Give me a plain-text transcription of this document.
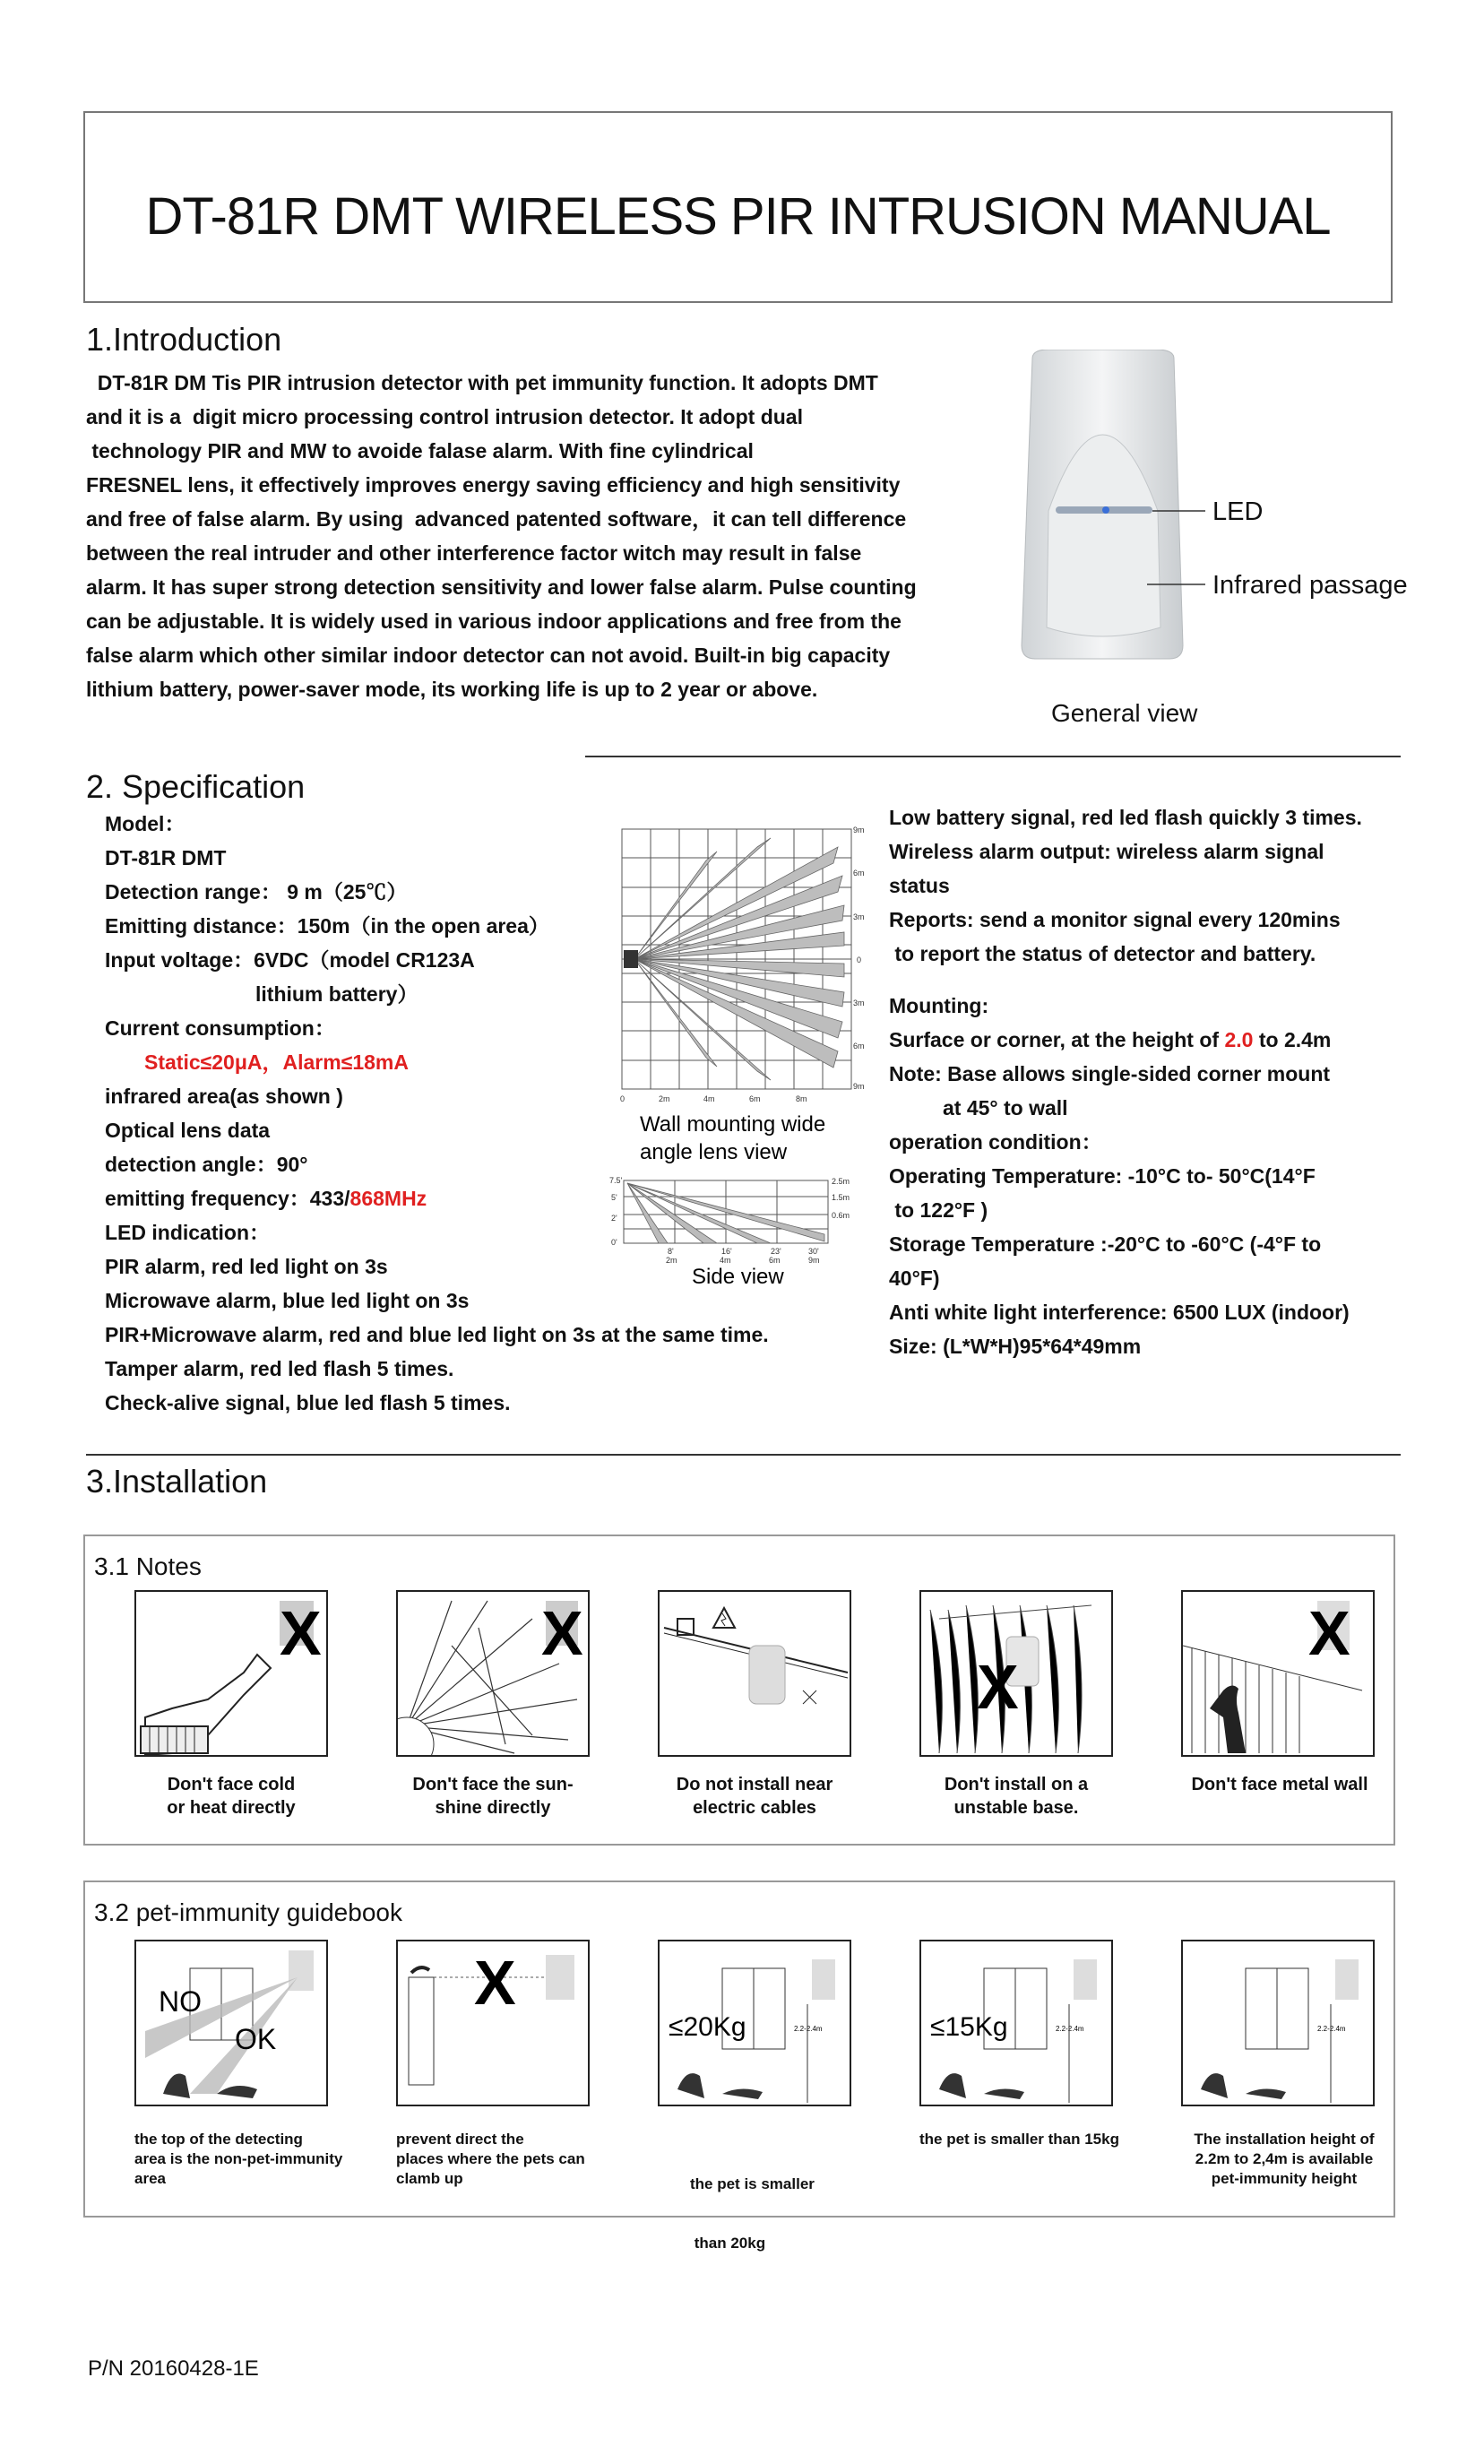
DT-81R DMT WIRELESS PIR INTRUSION MANUAL
1.Introduction

DT-81R DM Tis PIR intrusion detector with pet immunity function. It adopts DMT

and it is a  digit micro processing control intrusion detector. It adopt dual

technology PIR and MW to avoide falase alarm. With fine cylindrical

FRESNEL lens, it effectively improves energy saving efficiency and high sensitivity

and free of false alarm. By using  advanced patented software，it can tell difference

between the real intruder and other interference factor witch may result in false

alarm. It has super strong detection sensitivity and lower false alarm. Pulse counting

can be adjustable. It is widely used in various indoor applications and free from the

false alarm which other similar indoor detector can not avoid. Built-in big capacity

lithium battery, power-saver mode, its working life is up to 2 year or above.

LED
Infrared passage
General view
2. Specification
Model：
DT-81R DMT
Detection range： 9 m（25℃）
Emitting distance：150m（in the open area）
Input voltage：6VDC（model CR123A
lithium battery）
Current consumption：
Static≤20μA，Alarm≤18mA
infrared area(as shown )
Optical lens data
detection angle：90°
emitting frequency：433/868MHz
LED indication：
PIR alarm, red led light on 3s
Microwave alarm, blue led light on 3s
PIR+Microwave alarm, red and blue led light on 3s at the same time.
Tamper alarm, red led flash 5 times.
Check-alive signal, blue led flash 5 times.
9m
6m
3m
0
3m
6m
9m
0	2m	4m	6m	8m
Wall mounting wide
angle lens view
7.5'
5'
2'
0'
2.5m
1.5m
0.6m
8'	16'	23'	30'
2m	4m	6m	9m
Side view
Low battery signal, red led flash quickly 3 times.
Wireless alarm output: wireless alarm signal
status
Reports: send a monitor signal every 120mins
to report the status of detector and battery.
Mounting:
Surface or corner, at the height of 2.0 to 2.4m
Note: Base allows single-sided corner mount
at 45° to wall
operation condition：
Operating Temperature: -10°C to- 50°C(14°F
to 122°F )
Storage Temperature :-20°C to -60°C (-4°F to
40°F)
Anti white light interference: 6500 LUX (indoor)
Size: (L*W*H)95*64*49mm
3.Installation
3.1 Notes
X	X
X
X
Don't face cold
or heat directly
Don't face the sun-
shine directly
Do not install near
electric cables
Don't install on a
unstable base.
Don't face metal wall
3.2 pet-immunity guidebook
NO
OK
X
≤20Kg	2.2-2.4m	≤15Kg	2.2-2.4m	2.2-2.4m
the top of the detecting
area is the non-pet-immunity
area
prevent direct the
places where the pets can
clamb up

	the pet is smaller

than 20kg

the pet is smaller than 15kg	The installation height of
2.2m to 2,4m is available
pet-immunity height
P/N 20160428-1E
